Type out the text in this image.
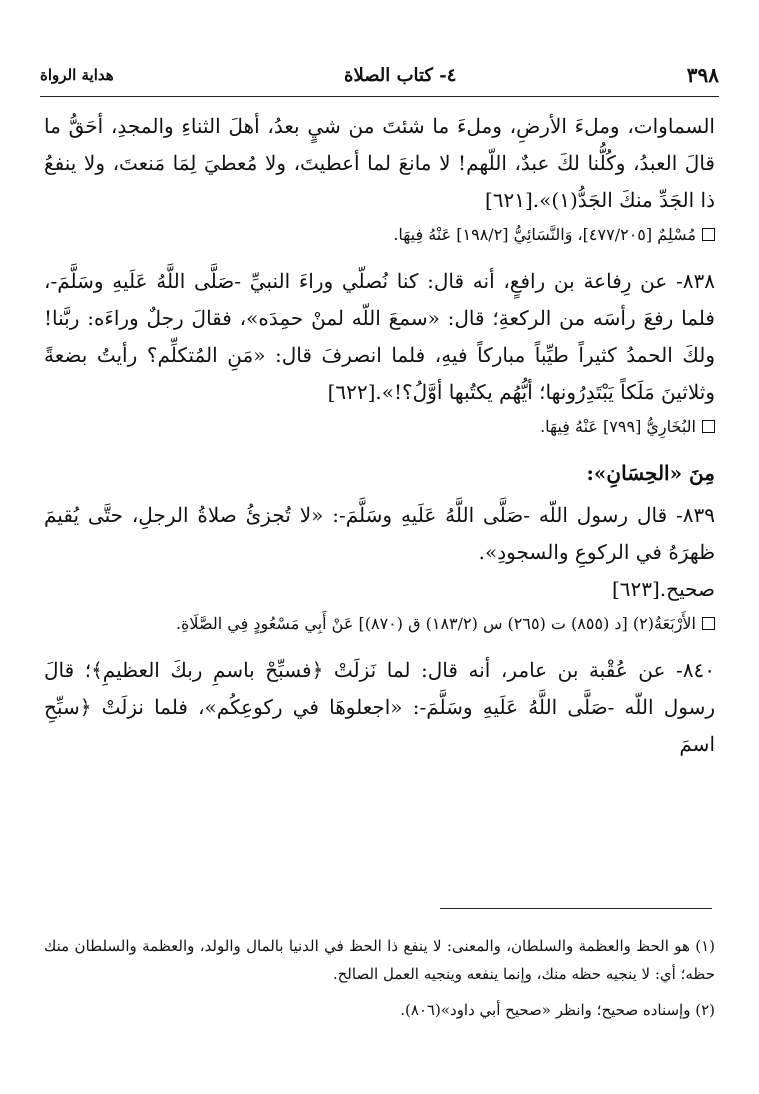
هداية الرواة	٤- كتاب الصلاة	٣٩٨

السماوات، وملءَ الأرضِ، وملءَ ما شئتَ من شيٍ بعدُ، أهلَ الثناءِ والمجدِ، أحَقُّ ما قالَ العبدُ، وكُلُّنا لكَ عبدٌ، اللّهم! لا مانعَ لما أعطيتَ، ولا مُعطيَ لِمَا مَنعتَ، ولا ينفعُ ذا الجَدِّ منكَ الجَدُّ(١)».[٦٢١]

مُسْلِمٌ [٤٧٧/٢٠٥]، وَالنَّسَائِيُّ [١٩٨/٢] عَنْهُ فِيهَا.

٨٣٨- عن رِفاعة بن رافعٍ، أنه قال: كنا نُصلّي وراءَ النبيِّ -صَلَّى اللَّهُ عَلَيهِ وسَلَّمَ-، فلما رفعَ رأسَه من الركعةِ؛ قال: «سمعَ اللّه لمنْ حمِدَه»، فقالَ رجلٌ وراءَه: ربَّنا! ولكَ الحمدُ كثيراً طيِّباً مباركاً فيهِ، فلما انصرفَ قال: «مَنِ المُتكلِّم؟ رأيتُ بضعةً وثلاثينَ مَلَكاً يَبْتَدِرُونها؛ أيُّهُم يكتُبها أوَّلُ؟!».[٦٢٢]

البُخَارِيُّ [٧٩٩] عَنْهُ فِيهَا.

مِنَ «الحِسَانِ»:

٨٣٩- قال رسول اللّه -صَلَّى اللَّهُ عَلَيهِ وسَلَّمَ-: «لا تُجزئُ صلاةُ الرجلِ، حتَّى يُقيمَ ظهرَهُ في الركوعِ والسجودِ».

صحيح.[٦٢٣]

الأَرْبَعَةُ(٢) [د (٨٥٥) ت (٢٦٥) س (١٨٣/٢) ق (٨٧٠)] عَنْ أَبِي مَسْعُودٍ فِي الصَّلَاةِ.

٨٤٠- عن عُقْبة بن عامر، أنه قال: لما نَزلَتْ ﴿فسبِّحْ باسمِ ربكَ العظيمِ﴾؛ قالَ رسول اللّه -صَلَّى اللَّهُ عَلَيهِ وسَلَّمَ-: «اجعلوهَا في ركوعِكُم»، فلما نزلَتْ ﴿سبِّحِ اسمَ

(١) هو الحظ والعظمة والسلطان، والمعنى: لا ينفع ذا الحظ في الدنيا بالمال والولد، والعظمة والسلطان منك حظه؛ أي: لا ينجيه حظه منك، وإنما ينفعه وينجيه العمل الصالح.

(٢) وإسناده صحيح؛ وانظر «صحيح أبي داود»(٨٠٦).
